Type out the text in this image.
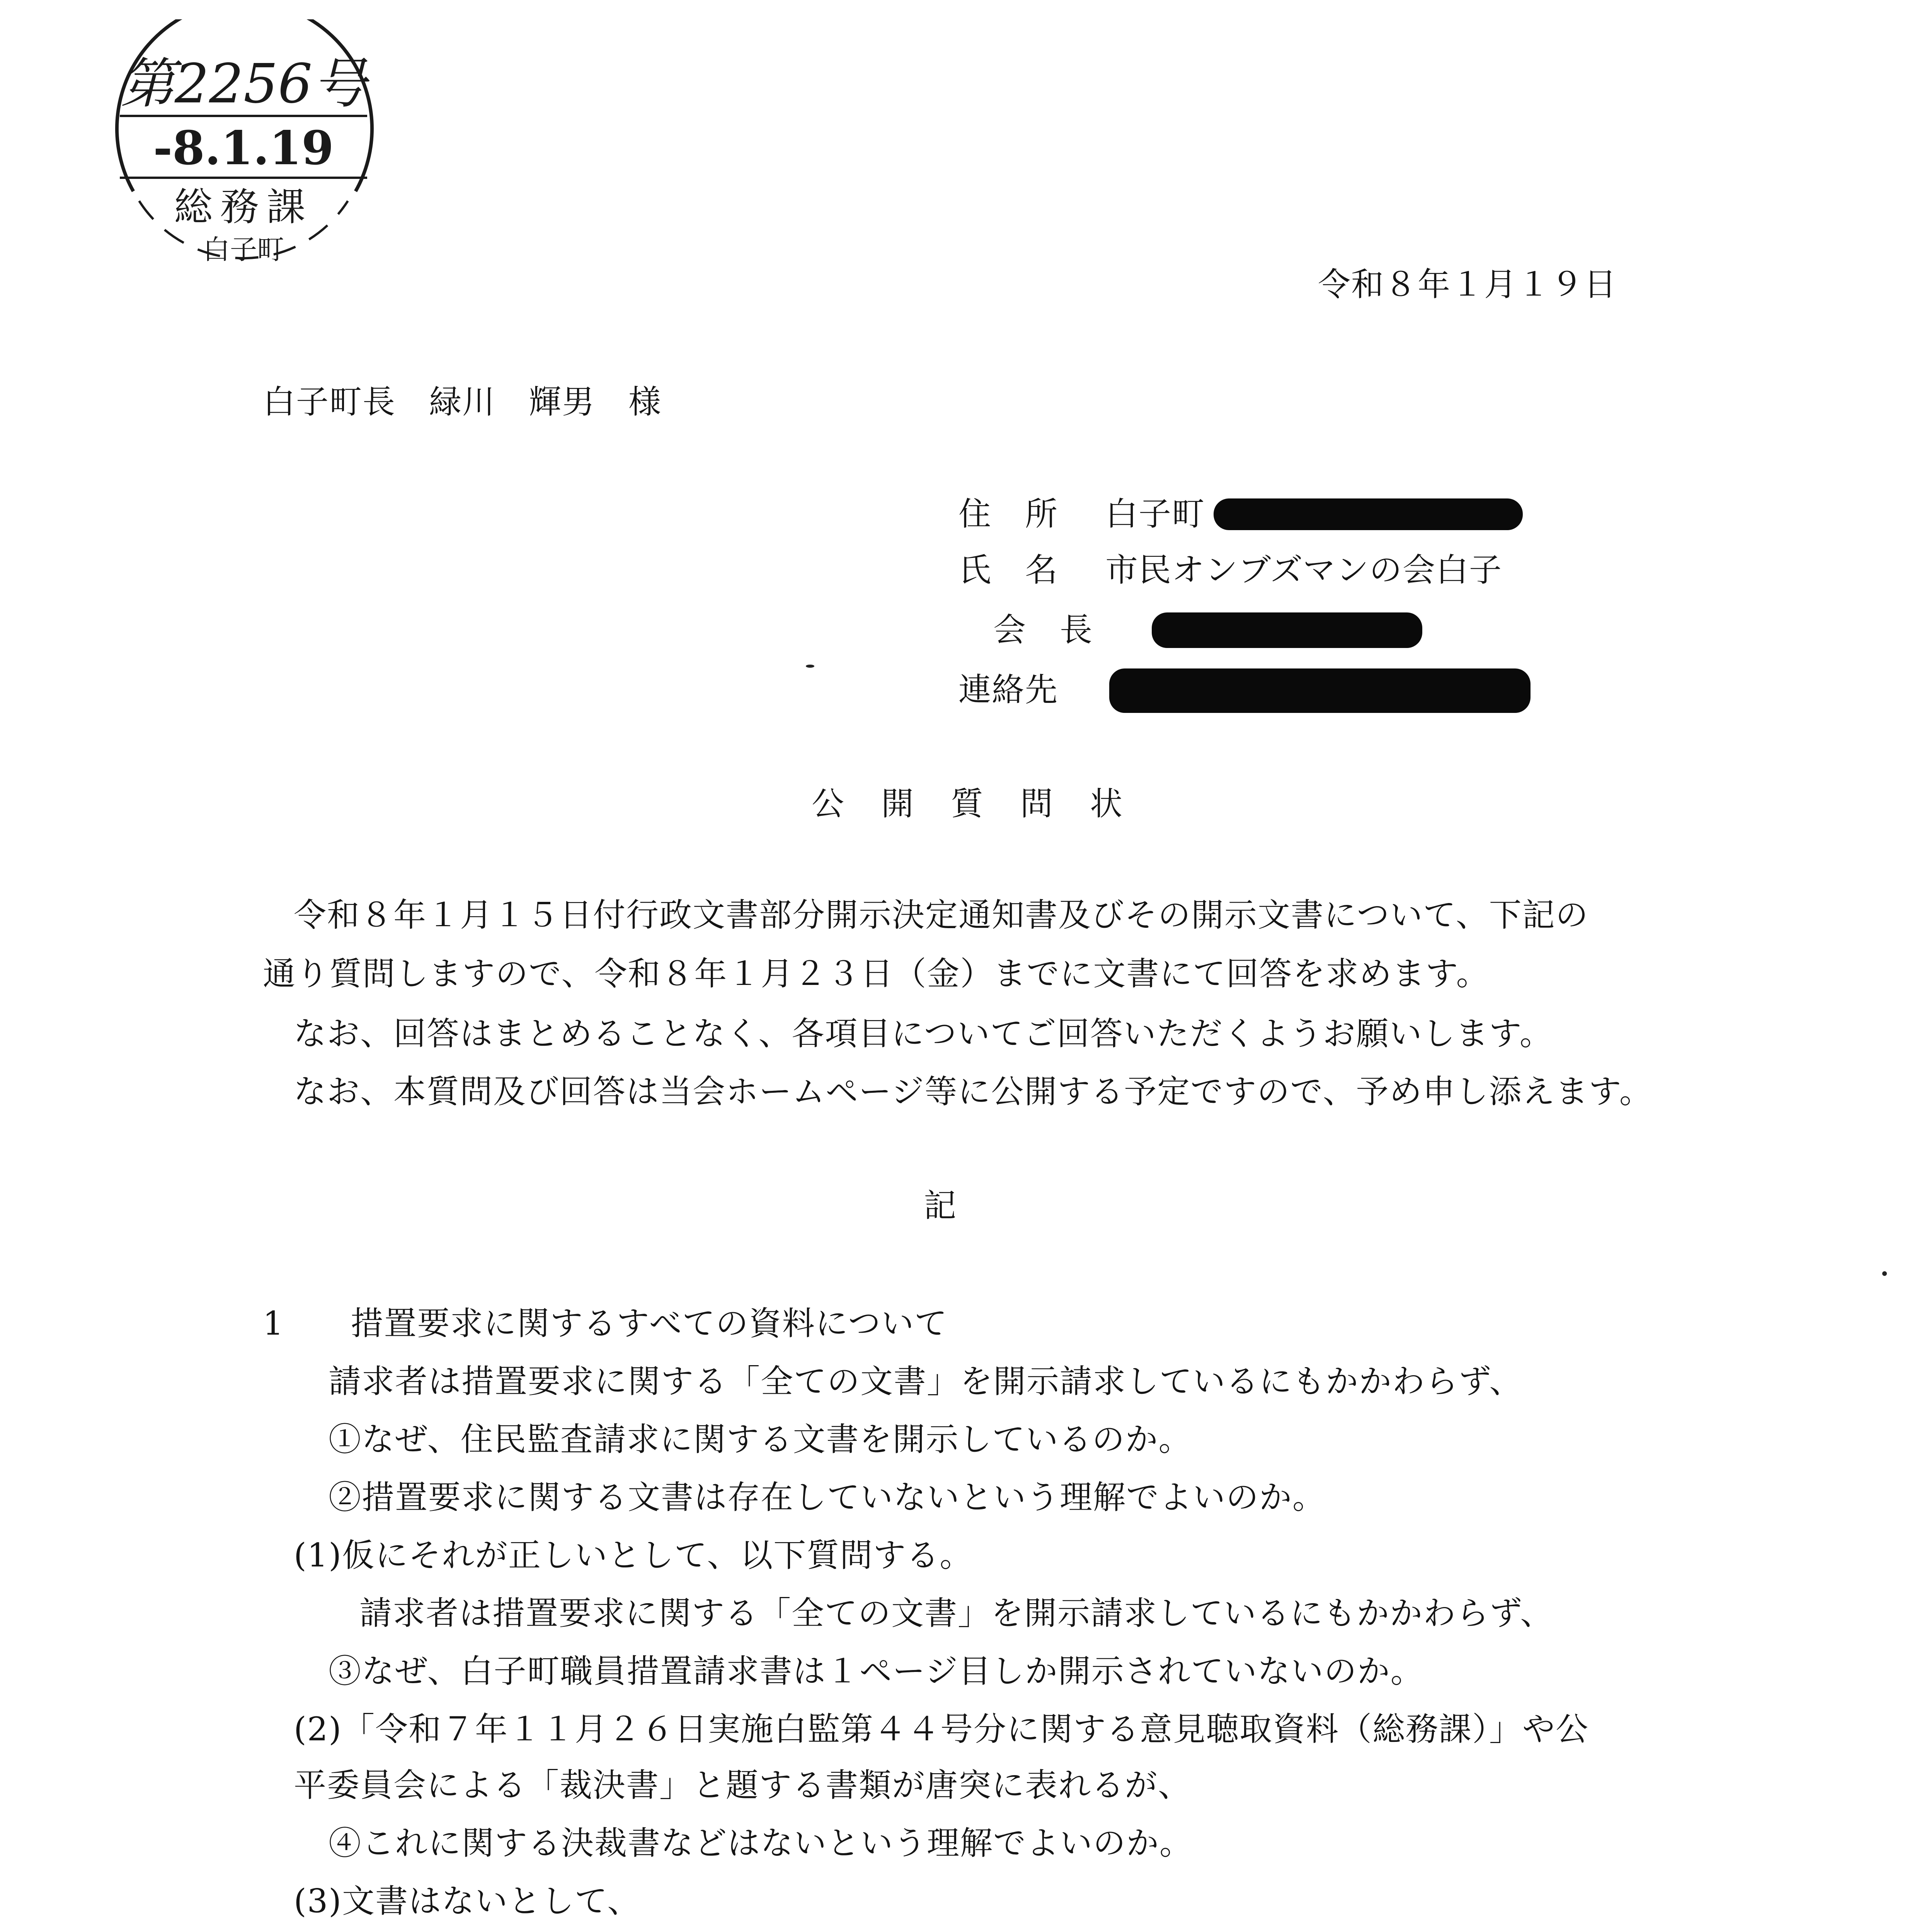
第2256号
-8.1.19
総務課
白子町
令和８年１月１９日
白子町長　緑川　輝男　様
住　所 白子町
氏　名 市民オンブズマンの会白子
会　長
連絡先
公　開　質　問　状
令和８年１月１５日付行政文書部分開示決定通知書及びその開示文書について、下記の
通り質問しますので、令和８年１月２３日（金）までに文書にて回答を求めます。
なお、回答はまとめることなく、各項目についてご回答いただくようお願いします。
なお、本質問及び回答は当会ホームページ等に公開する予定ですので、予め申し添えます。
記
1　　措置要求に関するすべての資料について
請求者は措置要求に関する「全ての文書」を開示請求しているにもかかわらず、
①なぜ、住民監査請求に関する文書を開示しているのか。
②措置要求に関する文書は存在していないという理解でよいのか。
(1)仮にそれが正しいとして、以下質問する。
請求者は措置要求に関する「全ての文書」を開示請求しているにもかかわらず、
③なぜ、白子町職員措置請求書は１ページ目しか開示されていないのか。
(2)「令和７年１１月２６日実施白監第４４号分に関する意見聴取資料（総務課）」や公
平委員会による「裁決書」と題する書類が唐突に表れるが、
④これに関する決裁書などはないという理解でよいのか。
(3)文書はないとして、
